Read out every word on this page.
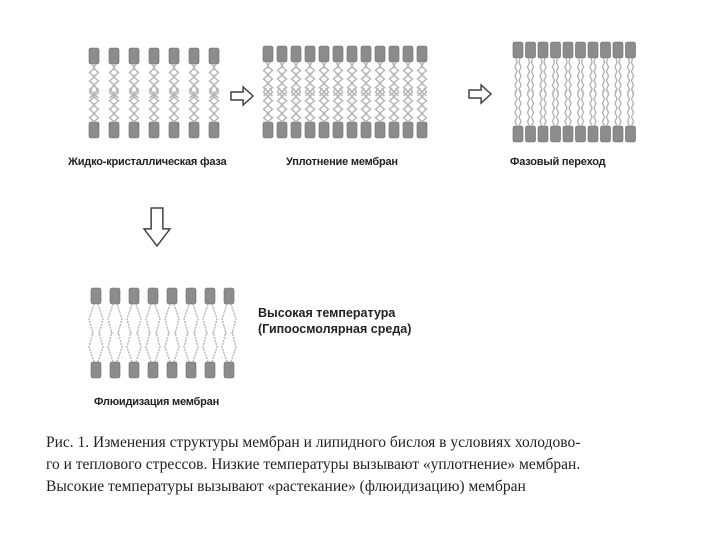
Жидко-кристаллическая фаза	Уплотнение мембран	Фазовый переход
Флюидизация мембран
Высокая температура
(Гипоосмолярная среда)
Рис. 1. Изменения структуры мембран и липидного бислоя в условиях холодово-
го и теплового стрессов. Низкие температуры вызывают «уплотнение» мембран.
Высокие температуры вызывают «растекание» (флюидизацию) мембран
